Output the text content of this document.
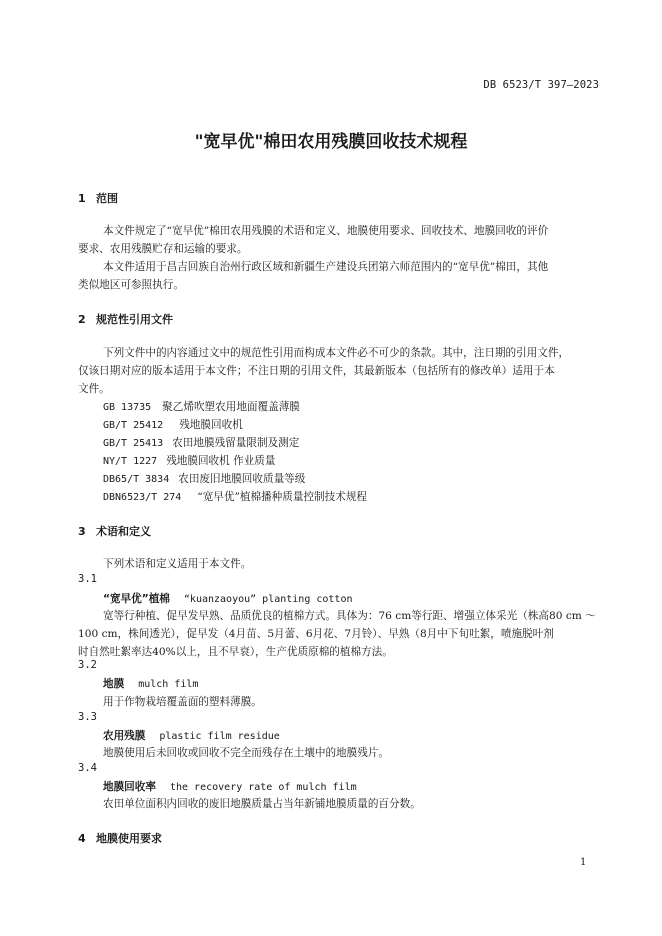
DB 6523/T 397—2023
"宽早优"棉田农用残膜回收技术规程
1 范围
本文件规定了“宽早优”棉田农用残膜的术语和定义、地膜使用要求、回收技术、地膜回收的评价
要求、农用残膜贮存和运输的要求。
本文件适用于昌吉回族自治州行政区域和新疆生产建设兵团第六师范围内的“宽早优”棉田，其他
类似地区可参照执行。
2 规范性引用文件
下列文件中的内容通过文中的规范性引用而构成本文件必不可少的条款。其中，注日期的引用文件，
仅该日期对应的版本适用于本文件；不注日期的引用文件，其最新版本（包括所有的修改单）适用于本
文件。
GB 13735 聚乙烯吹塑农用地面覆盖薄膜
GB/T 25412 残地膜回收机
GB/T 25413 农田地膜残留量限制及测定
NY/T 1227 残地膜回收机 作业质量
DB65/T 3834 农田废旧地膜回收质量等级
DBN6523/T 274 “宽早优”植棉播种质量控制技术规程
3 术语和定义
下列术语和定义适用于本文件。
3.1
“宽早优”植棉 “kuanzaoyou” planting cotton
宽等行种植、促早发早熟、品质优良的植棉方式。具体为：76 cm等行距、增强立体采光（株高80 cm ～
100 cm，株间透光），促早发（4月苗、5月蕾、6月花、7月铃）、早熟（8月中下旬吐絮，喷施脱叶剂
时自然吐絮率达40%以上，且不早衰），生产优质原棉的植棉方法。
3.2
地膜 mulch film
用于作物栽培覆盖面的塑料薄膜。
3.3
农用残膜 plastic film residue
地膜使用后未回收或回收不完全而残存在土壤中的地膜残片。
3.4
地膜回收率 the recovery rate of mulch film
农田单位面积内回收的废旧地膜质量占当年新铺地膜质量的百分数。
4 地膜使用要求
1
